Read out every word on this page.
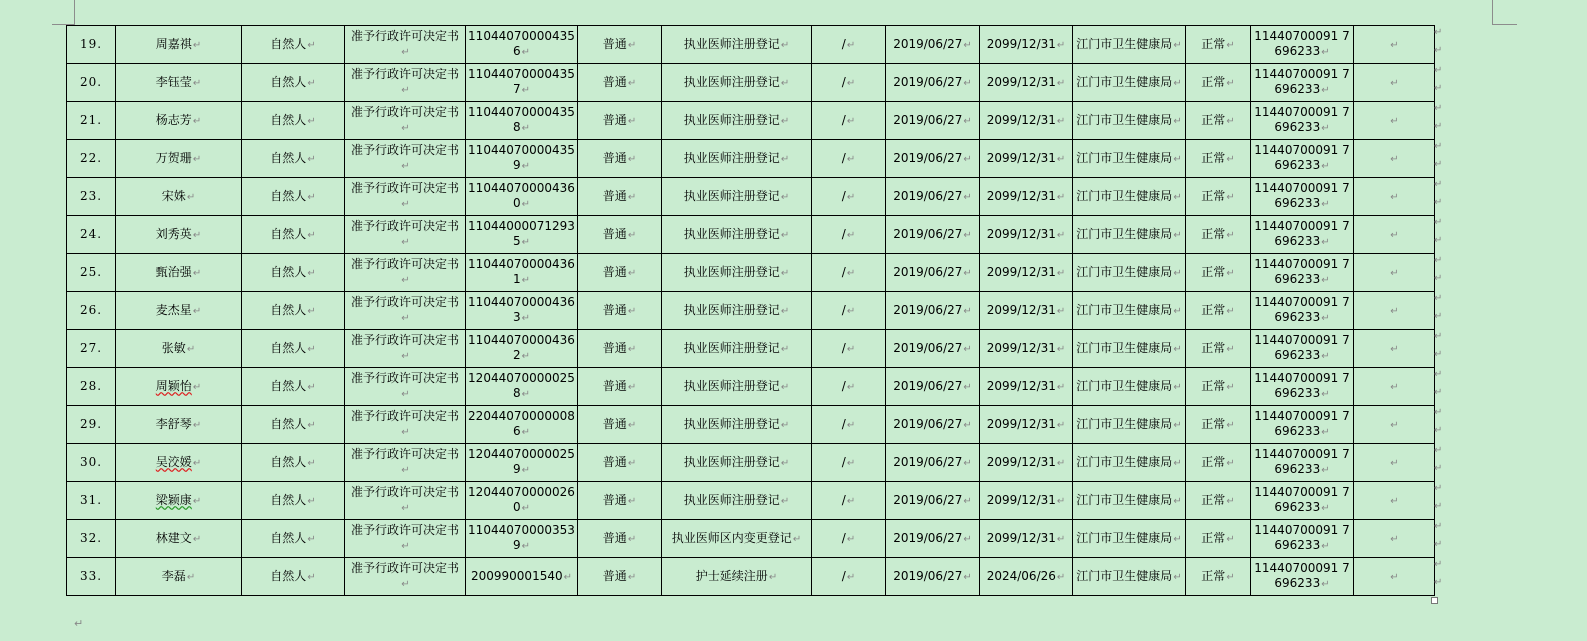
19.	周嘉祺↵	自然人↵	准予行政许可决定书↵	110440700004356↵	普通↵	执业医师注册登记↵	/↵	2019/06/27↵	2099/12/31↵	江门市卫生健康局↵	正常↵	11440700091 7696233↵	↵
20.	李钰莹↵	自然人↵	准予行政许可决定书↵	110440700004357↵	普通↵	执业医师注册登记↵	/↵	2019/06/27↵	2099/12/31↵	江门市卫生健康局↵	正常↵	11440700091 7696233↵	↵
21.	杨志芳↵	自然人↵	准予行政许可决定书↵	110440700004358↵	普通↵	执业医师注册登记↵	/↵	2019/06/27↵	2099/12/31↵	江门市卫生健康局↵	正常↵	11440700091 7696233↵	↵
22.	万贺珊↵	自然人↵	准予行政许可决定书↵	110440700004359↵	普通↵	执业医师注册登记↵	/↵	2019/06/27↵	2099/12/31↵	江门市卫生健康局↵	正常↵	11440700091 7696233↵	↵
23.	宋姝↵	自然人↵	准予行政许可决定书↵	110440700004360↵	普通↵	执业医师注册登记↵	/↵	2019/06/27↵	2099/12/31↵	江门市卫生健康局↵	正常↵	11440700091 7696233↵	↵
24.	刘秀英↵	自然人↵	准予行政许可决定书↵	110440000712935↵	普通↵	执业医师注册登记↵	/↵	2019/06/27↵	2099/12/31↵	江门市卫生健康局↵	正常↵	11440700091 7696233↵	↵
25.	甄治强↵	自然人↵	准予行政许可决定书↵	110440700004361↵	普通↵	执业医师注册登记↵	/↵	2019/06/27↵	2099/12/31↵	江门市卫生健康局↵	正常↵	11440700091 7696233↵	↵
26.	麦杰星↵	自然人↵	准予行政许可决定书↵	110440700004363↵	普通↵	执业医师注册登记↵	/↵	2019/06/27↵	2099/12/31↵	江门市卫生健康局↵	正常↵	11440700091 7696233↵	↵
27.	张敏↵	自然人↵	准予行政许可决定书↵	110440700004362↵	普通↵	执业医师注册登记↵	/↵	2019/06/27↵	2099/12/31↵	江门市卫生健康局↵	正常↵	11440700091 7696233↵	↵
28.	周颖怡↵	自然人↵	准予行政许可决定书↵	120440700000258↵	普通↵	执业医师注册登记↵	/↵	2019/06/27↵	2099/12/31↵	江门市卫生健康局↵	正常↵	11440700091 7696233↵	↵
29.	李舒琴↵	自然人↵	准予行政许可决定书↵	220440700000086↵	普通↵	执业医师注册登记↵	/↵	2019/06/27↵	2099/12/31↵	江门市卫生健康局↵	正常↵	11440700091 7696233↵	↵
30.	吴洨媛↵	自然人↵	准予行政许可决定书↵	120440700000259↵	普通↵	执业医师注册登记↵	/↵	2019/06/27↵	2099/12/31↵	江门市卫生健康局↵	正常↵	11440700091 7696233↵	↵
31.	梁颖康↵	自然人↵	准予行政许可决定书↵	120440700000260↵	普通↵	执业医师注册登记↵	/↵	2019/06/27↵	2099/12/31↵	江门市卫生健康局↵	正常↵	11440700091 7696233↵	↵
32.	林建文↵	自然人↵	准予行政许可决定书↵	110440700003539↵	普通↵	执业医师区内变更登记↵	/↵	2019/06/27↵	2099/12/31↵	江门市卫生健康局↵	正常↵	11440700091 7696233↵	↵
33.	李磊↵	自然人↵	准予行政许可决定书↵	200990001540↵	普通↵	护士延续注册↵	/↵	2019/06/27↵	2024/06/26↵	江门市卫生健康局↵	正常↵	11440700091 7696233↵	↵
↵
↵
↵
↵
↵
↵
↵
↵
↵
↵
↵
↵
↵
↵
↵
↵
↵
↵
↵
↵
↵
↵
↵
↵
↵
↵
↵
↵
↵
↵
↵
